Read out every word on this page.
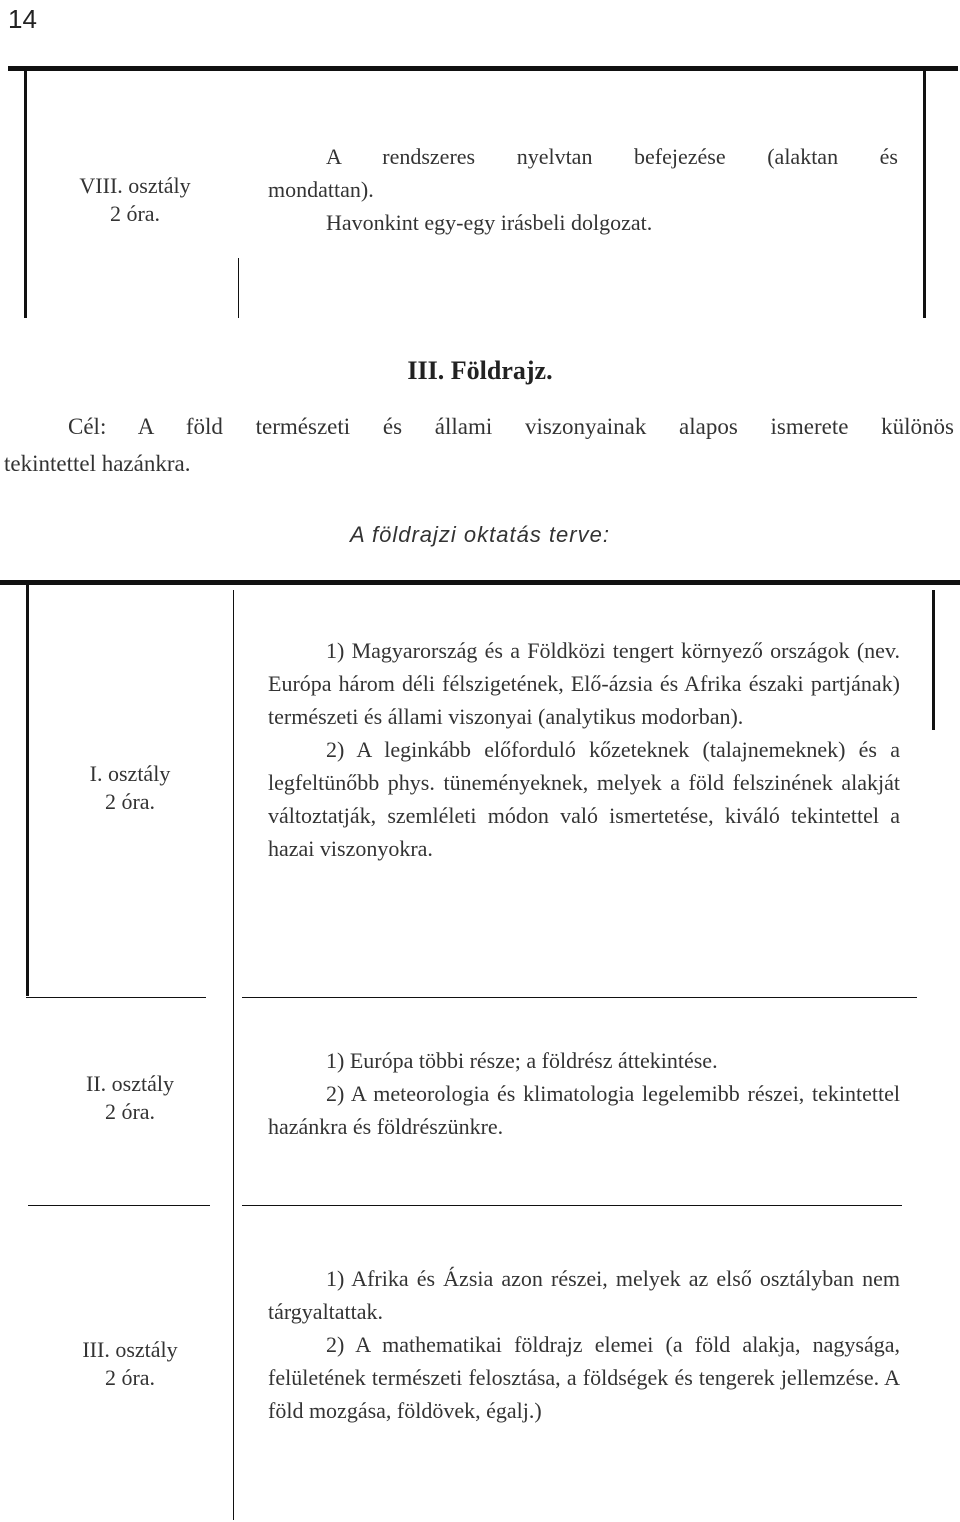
14
VIII. osztály
2 óra.
A rendszeres nyelvtan befejezése (alaktan és
mondattan).
Havonkint egy-egy irásbeli dolgozat.
III. Földrajz.
Cél: A föld természeti és állami viszonyainak alapos ismerete különös
tekintettel hazánkra.
A földrajzi oktatás terve:
I. osztály
2 óra.

1) Magyarország és a Földközi tengert környező országok (nev. Európa három déli félszigetének, Elő-ázsia és Afrika északi partjának) természeti és állami viszonyai (analytikus modorban).

2) A leginkább előforduló kőzeteknek (talajnemeknek) és a legfeltünőbb phys. tüneményeknek, melyek a föld felszinének alakját változtatják, szemléleti módon való ismertetése, kiváló tekintettel a hazai viszonyokra.

II. osztály
2 óra.

1) Európa többi része; a földrész áttekintése.

2) A meteorologia és klimatologia legelemibb részei, tekintettel hazánkra és földrészünkre.

III. osztály
2 óra.

1) Afrika és Ázsia azon részei, melyek az első osztályban nem tárgyaltattak.

2) A mathematikai földrajz elemei (a föld alakja, nagysága, felületének természeti felosztása, a földségek és tengerek jellemzése. A föld mozgása, földövek, égalj.)
